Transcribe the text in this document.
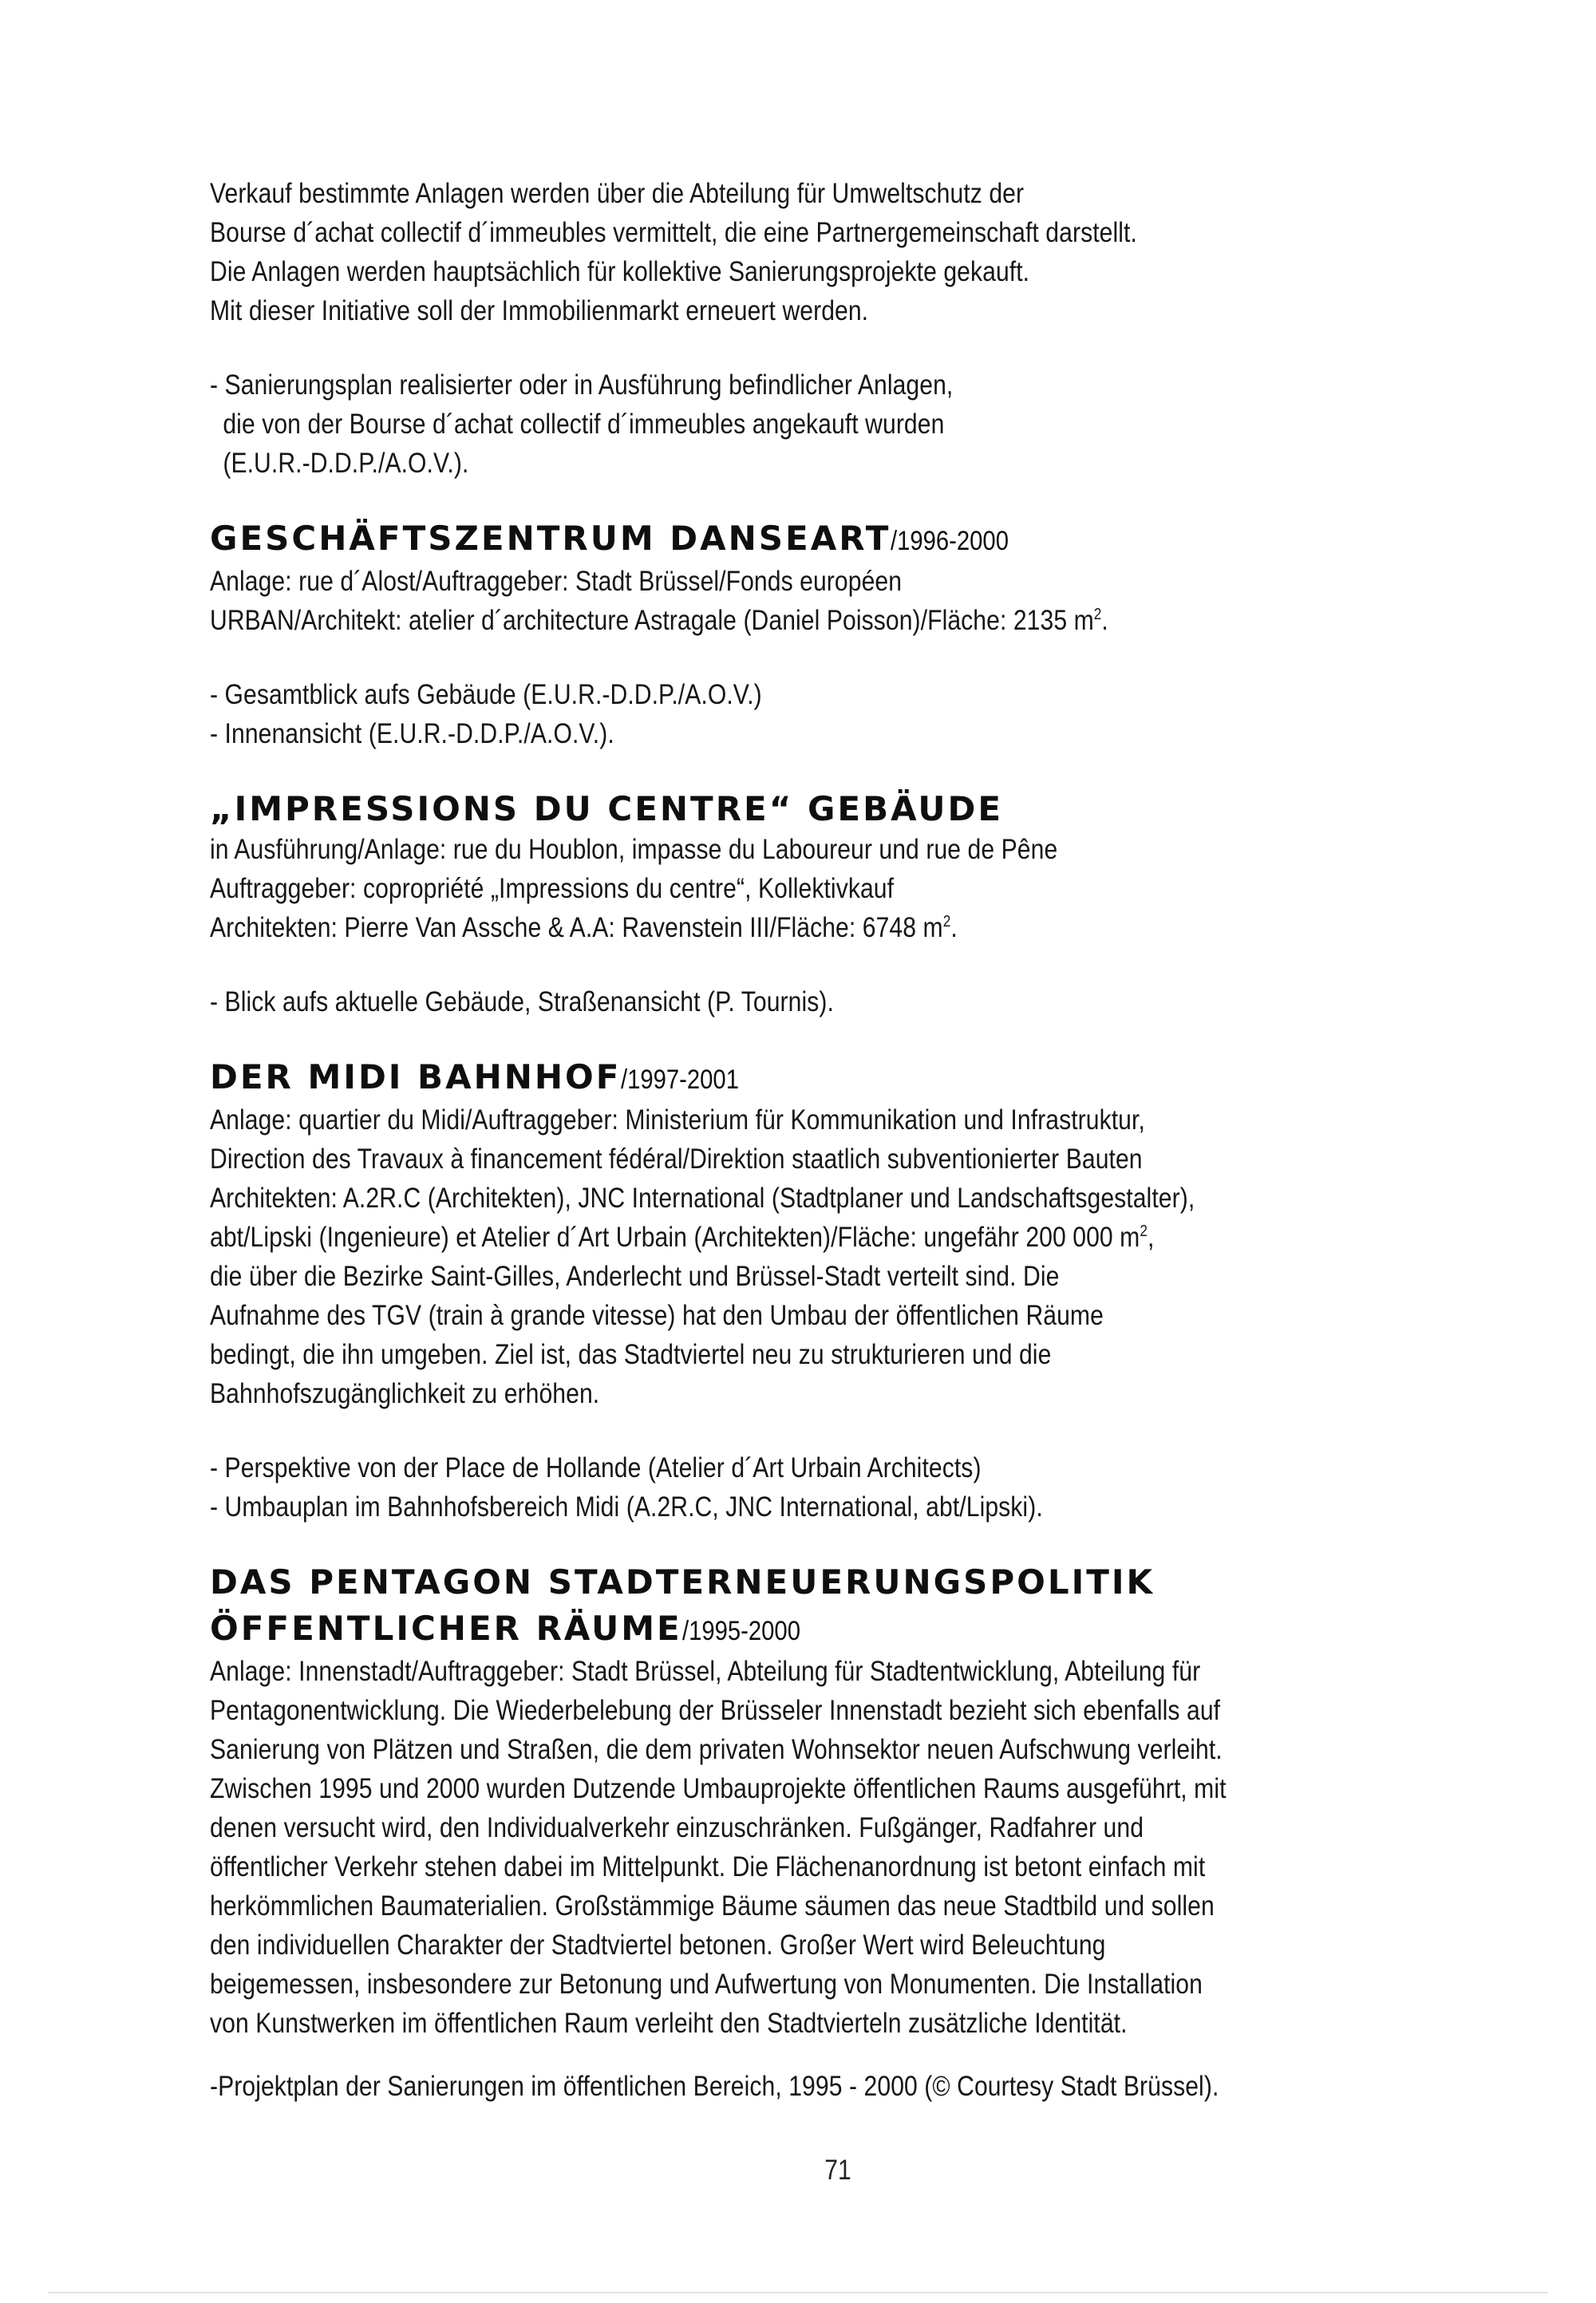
Verkauf bestimmte Anlagen werden über die Abteilung für Umweltschutz der
Bourse d´achat collectif d´immeubles vermittelt, die eine Partnergemeinschaft darstellt.
Die Anlagen werden hauptsächlich für kollektive Sanierungsprojekte gekauft.
Mit dieser Initiative soll der Immobilienmarkt erneuert werden.
- Sanierungsplan realisierter oder in Ausführung befindlicher Anlagen,
die von der Bourse d´achat collectif d´immeubles angekauft wurden
(E.U.R.-D.D.P./A.O.V.).
GESCHÄFTSZENTRUM DANSEART/1996-2000
Anlage: rue d´Alost/Auftraggeber: Stadt Brüssel/Fonds européen
URBAN/Architekt: atelier d´architecture Astragale (Daniel Poisson)/Fläche: 2135 $m^2$.
- Gesamtblick aufs Gebäude (E.U.R.-D.D.P./A.O.V.)
- Innenansicht (E.U.R.-D.D.P./A.O.V.).
„IMPRESSIONS DU CENTRE“ GEBÄUDE
in Ausführung/Anlage: rue du Houblon, impasse du Laboureur und rue de Pêne
Auftraggeber: copropriété „Impressions du centre“, Kollektivkauf
Architekten: Pierre Van Assche & A.A: Ravenstein III/Fläche: 6748 $m^2$.
- Blick aufs aktuelle Gebäude, Straßenansicht (P. Tournis).
DER MIDI BAHNHOF/1997-2001
Anlage: quartier du Midi/Auftraggeber: Ministerium für Kommunikation und Infrastruktur,
Direction des Travaux à financement fédéral/Direktion staatlich subventionierter Bauten
Architekten: A.2R.C (Architekten), JNC International (Stadtplaner und Landschaftsgestalter),
abt/Lipski (Ingenieure) et Atelier d´Art Urbain (Architekten)/Fläche: ungefähr 200 000 $m^2$,
die über die Bezirke Saint-Gilles, Anderlecht und Brüssel-Stadt verteilt sind. Die
Aufnahme des TGV (train à grande vitesse) hat den Umbau der öffentlichen Räume
bedingt, die ihn umgeben. Ziel ist, das Stadtviertel neu zu strukturieren und die
Bahnhofszugänglichkeit zu erhöhen.
- Perspektive von der Place de Hollande (Atelier d´Art Urbain Architects)
- Umbauplan im Bahnhofsbereich Midi (A.2R.C, JNC International, abt/Lipski).
DAS PENTAGON STADTERNEUERUNGSPOLITIK
ÖFFENTLICHER RÄUME/1995-2000
Anlage: Innenstadt/Auftraggeber: Stadt Brüssel, Abteilung für Stadtentwicklung, Abteilung für
Pentagonentwicklung. Die Wiederbelebung der Brüsseler Innenstadt bezieht sich ebenfalls auf
Sanierung von Plätzen und Straßen, die dem privaten Wohnsektor neuen Aufschwung verleiht.
Zwischen 1995 und 2000 wurden Dutzende Umbauprojekte öffentlichen Raums ausgeführt, mit
denen versucht wird, den Individualverkehr einzuschränken. Fußgänger, Radfahrer und
öffentlicher Verkehr stehen dabei im Mittelpunkt. Die Flächenanordnung ist betont einfach mit
herkömmlichen Baumaterialien. Großstämmige Bäume säumen das neue Stadtbild und sollen
den individuellen Charakter der Stadtviertel betonen. Großer Wert wird Beleuchtung
beigemessen, insbesondere zur Betonung und Aufwertung von Monumenten. Die Installation
von Kunstwerken im öffentlichen Raum verleiht den Stadtvierteln zusätzliche Identität.
-Projektplan der Sanierungen im öffentlichen Bereich, 1995 - 2000 (© Courtesy Stadt Brüssel).
71
